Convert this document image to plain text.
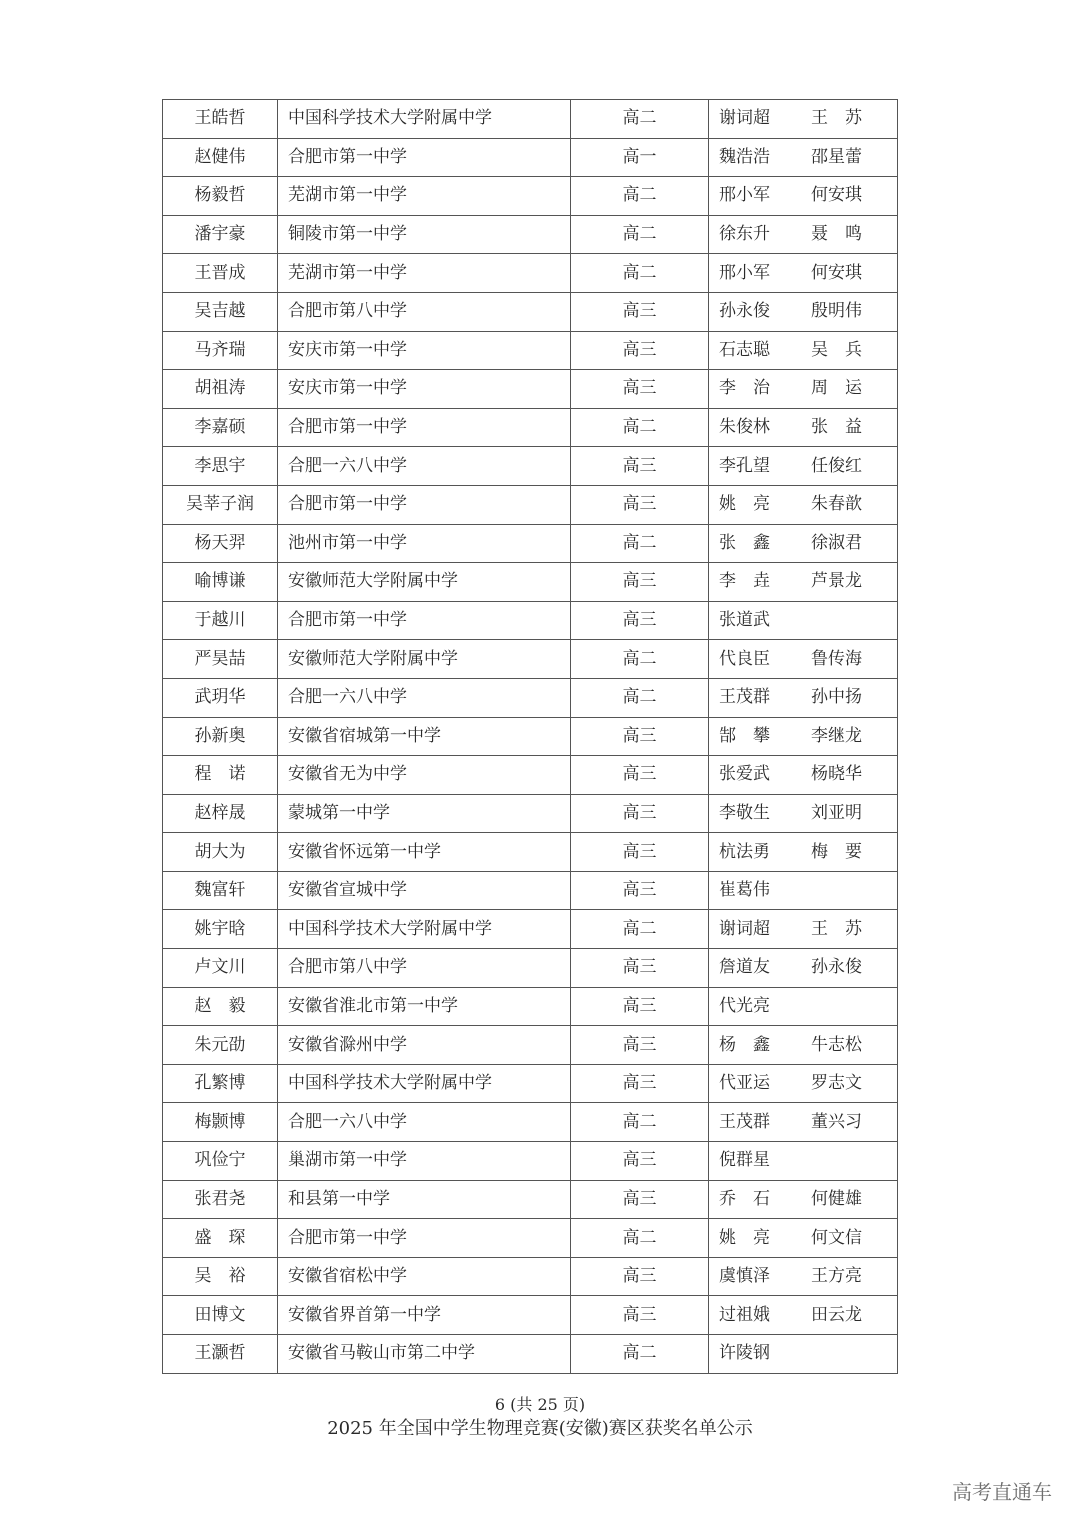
王皓哲	中国科学技术大学附属中学	高二	谢词超 王　苏
赵健伟	合肥市第一中学	高一	魏浩浩 邵星蕾
杨毅哲	芜湖市第一中学	高二	邢小军 何安琪
潘宇豪	铜陵市第一中学	高二	徐东升 聂　鸣
王晋成	芜湖市第一中学	高二	邢小军 何安琪
吴吉越	合肥市第八中学	高三	孙永俊 殷明伟
马齐瑞	安庆市第一中学	高三	石志聪 吴　兵
胡祖涛	安庆市第一中学	高三	李　治 周　运
李嘉硕	合肥市第一中学	高二	朱俊林 张　益
李思宇	合肥一六八中学	高三	李孔望 任俊红
吴莘子润	合肥市第一中学	高三	姚　亮 朱春歆
杨天羿	池州市第一中学	高二	张　鑫 徐淑君
喻博谦	安徽师范大学附属中学	高三	李　垚 芦景龙
于越川	合肥市第一中学	高三	张道武
严昊喆	安徽师范大学附属中学	高二	代良臣 鲁传海
武玥华	合肥一六八中学	高二	王茂群 孙中扬
孙新奥	安徽省宿城第一中学	高三	郜　攀 李继龙
程　诺	安徽省无为中学	高三	张爱武 杨晓华
赵梓晟	蒙城第一中学	高三	李敬生 刘亚明
胡大为	安徽省怀远第一中学	高三	杭法勇 梅　要
魏富轩	安徽省宣城中学	高三	崔葛伟
姚宇晗	中国科学技术大学附属中学	高二	谢词超 王　苏
卢文川	合肥市第八中学	高三	詹道友 孙永俊
赵　毅	安徽省淮北市第一中学	高三	代光亮
朱元劭	安徽省滁州中学	高三	杨　鑫 牛志松
孔繁博	中国科学技术大学附属中学	高三	代亚运 罗志文
梅颢博	合肥一六八中学	高二	王茂群 董兴习
巩俭宁	巢湖市第一中学	高三	倪群星
张君尧	和县第一中学	高三	乔　石 何健雄
盛　琛	合肥市第一中学	高二	姚　亮 何文信
吴　裕	安徽省宿松中学	高三	虞慎泽 王方亮
田博文	安徽省界首第一中学	高三	过祖娥 田云龙
王灏哲	安徽省马鞍山市第二中学	高二	许陵钢
6 (共 25 页)
2025 年全国中学生物理竞赛(安徽)赛区获奖名单公示
高考直通车
